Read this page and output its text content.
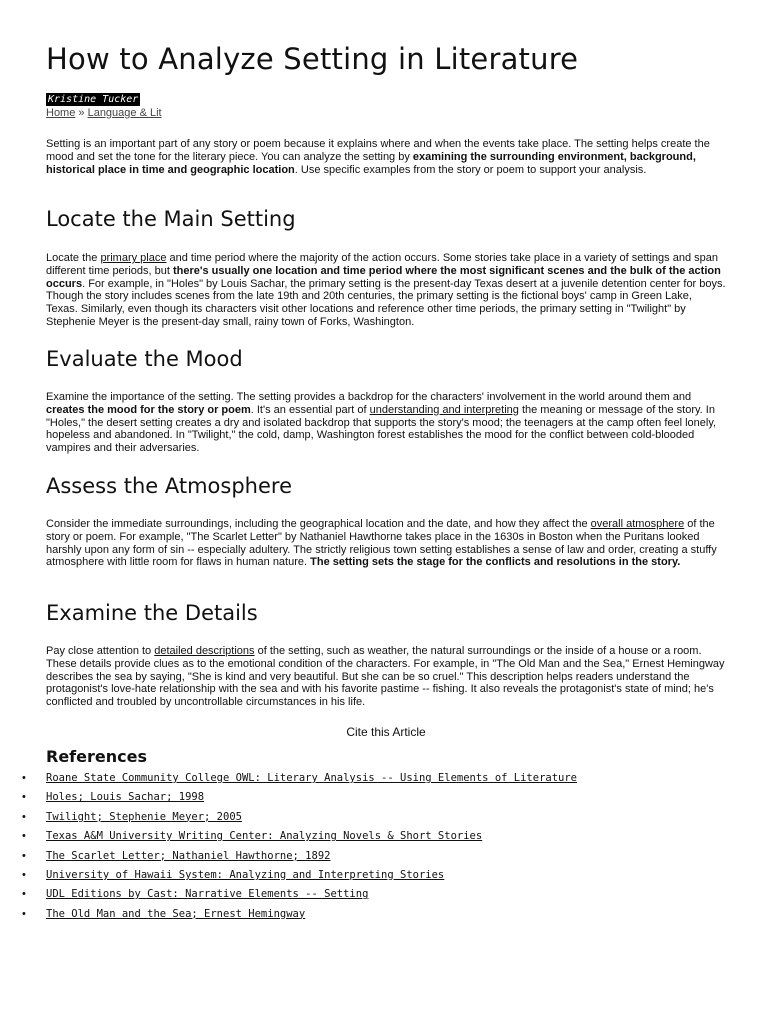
How to Analyze Setting in Literature
Kristine Tucker
Home » Language & Lit

Setting is an important part of any story or poem because it explains where and when the events take place. The setting helps create the mood and set the tone for the literary piece. You can analyze the setting by examining the surrounding environment, background, historical place in time and geographic location. Use specific examples from the story or poem to support your analysis.

Locate the Main Setting

Locate the primary place and time period where the majority of the action occurs. Some stories take place in a variety of settings and span different time periods, but there's usually one location and time period where the most significant scenes and the bulk of the action occurs. For example, in "Holes" by Louis Sachar, the primary setting is the present-day Texas desert at a juvenile detention center for boys. Though the story includes scenes from the late 19th and 20th centuries, the primary setting is the fictional boys' camp in Green Lake, Texas. Similarly, even though its characters visit other locations and reference other time periods, the primary setting in "Twilight" by Stephenie Meyer is the present-day small, rainy town of Forks, Washington.

Evaluate the Mood

Examine the importance of the setting. The setting provides a backdrop for the characters' involvement in the world around them and creates the mood for the story or poem. It's an essential part of understanding and interpreting the meaning or message of the story. In "Holes," the desert setting creates a dry and isolated backdrop that supports the story's mood; the teenagers at the camp often feel lonely, hopeless and abandoned. In "Twilight," the cold, damp, Washington forest establishes the mood for the conflict between cold-blooded vampires and their adversaries.

Assess the Atmosphere

Consider the immediate surroundings, including the geographical location and the date, and how they affect the overall atmosphere of the story or poem. For example, "The Scarlet Letter" by Nathaniel Hawthorne takes place in the 1630s in Boston when the Puritans looked harshly upon any form of sin -- especially adultery. The strictly religious town setting establishes a sense of law and order, creating a stuffy atmosphere with little room for flaws in human nature. The setting sets the stage for the conflicts and resolutions in the story.

Examine the Details

Pay close attention to detailed descriptions of the setting, such as weather, the natural surroundings or the inside of a house or a room. These details provide clues as to the emotional condition of the characters. For example, in "The Old Man and the Sea," Ernest Hemingway describes the sea by saying, "She is kind and very beautiful. But she can be so cruel." This description helps readers understand the protagonist's love-hate relationship with the sea and with his favorite pastime -- fishing. It also reveals the protagonist's state of mind; he's conflicted and troubled by uncontrollable circumstances in his life.

Cite this Article
References
• Roane State Community College OWL: Literary Analysis -- Using Elements of Literature
• Holes; Louis Sachar; 1998
• Twilight; Stephenie Meyer; 2005
• Texas A&M University Writing Center: Analyzing Novels & Short Stories
• The Scarlet Letter; Nathaniel Hawthorne; 1892
• University of Hawaii System: Analyzing and Interpreting Stories
• UDL Editions by Cast: Narrative Elements -- Setting
• The Old Man and the Sea; Ernest Hemingway
